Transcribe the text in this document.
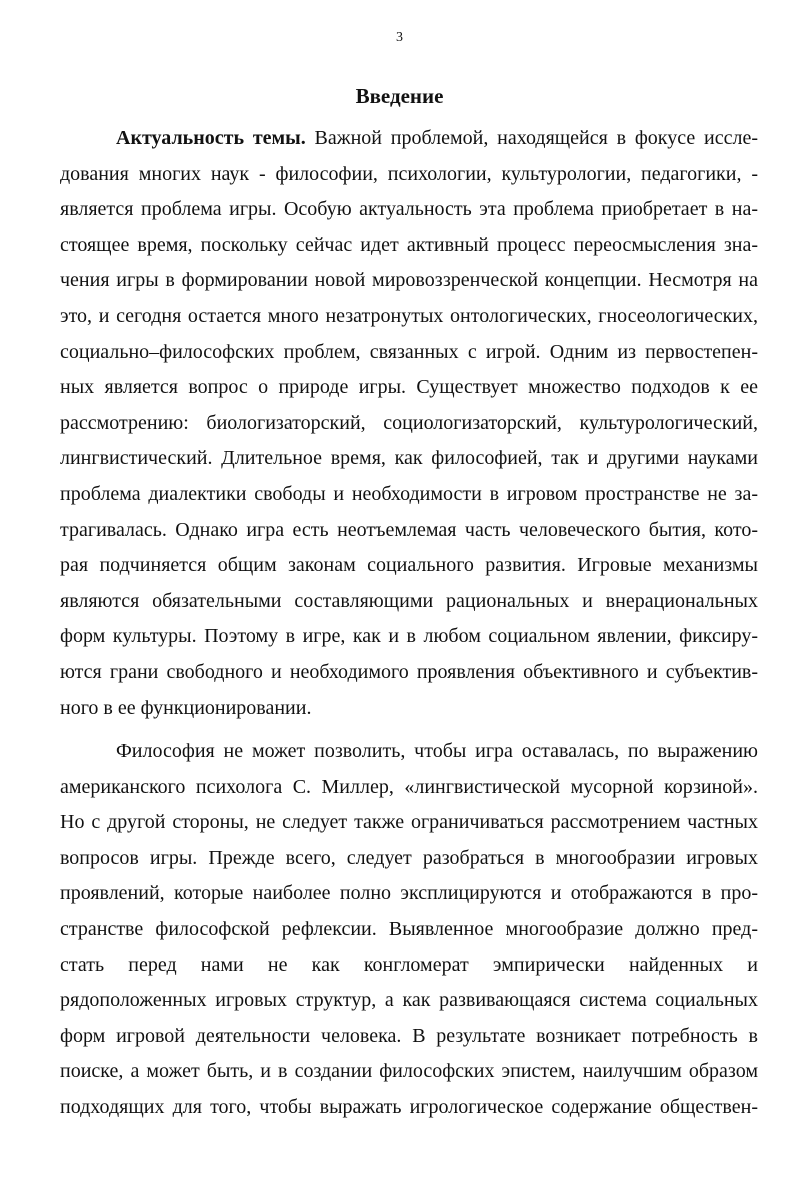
3
Введение
Актуальность темы. Важной проблемой, находящейся в фокусе иссле-
дования многих наук - философии, психологии, культурологии, педагогики, -
является проблема игры. Особую актуальность эта проблема приобретает в на-
стоящее время, поскольку сейчас идет активный процесс переосмысления зна-
чения игры в формировании новой мировоззренческой концепции. Несмотря на
это, и сегодня остается много незатронутых онтологических, гносеологических,
социально–философских проблем, связанных с игрой. Одним из первостепен-
ных является вопрос о природе игры. Существует множество подходов к ее
рассмотрению: биологизаторский, социологизаторский, культурологический,
лингвистический. Длительное время, как философией, так и другими науками
проблема диалектики свободы и необходимости в игровом пространстве не за-
трагивалась. Однако игра есть неотъемлемая часть человеческого бытия, кото-
рая подчиняется общим законам социального развития. Игровые механизмы
являются обязательными составляющими рациональных и внерациональных
форм культуры. Поэтому в игре, как и в любом социальном явлении, фиксиру-
ются грани свободного и необходимого проявления объективного и субъектив-
ного в ее функционировании.
Философия не может позволить, чтобы игра оставалась, по выражению
американского психолога С. Миллер, «лингвистической мусорной корзиной».
Но с другой стороны, не следует также ограничиваться рассмотрением частных
вопросов игры. Прежде всего, следует разобраться в многообразии игровых
проявлений, которые наиболее полно эксплицируются и отображаются в про-
странстве философской рефлексии. Выявленное многообразие должно пред-
стать перед нами не как конгломерат эмпирически найденных и
рядоположенных игровых структур, а как развивающаяся система социальных
форм игровой деятельности человека. В результате возникает потребность в
поиске, а может быть, и в создании философских эпистем, наилучшим образом
подходящих для того, чтобы выражать игрологическое содержание обществен-
